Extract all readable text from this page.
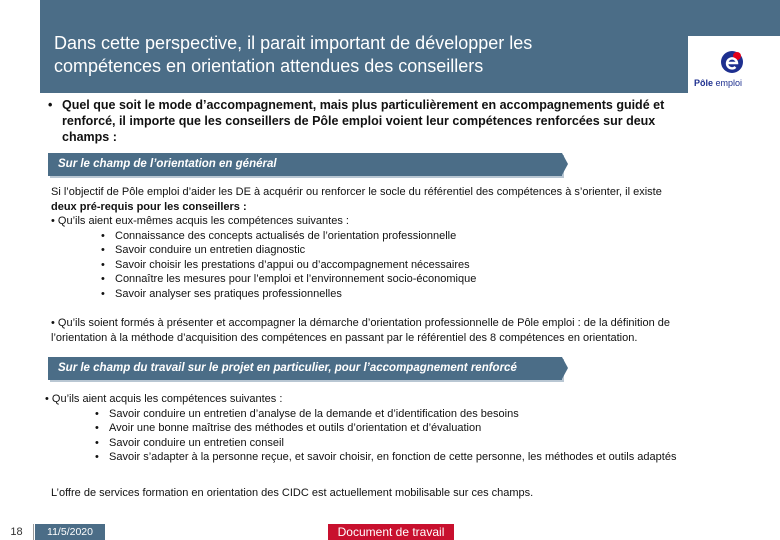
Dans cette perspective, il parait important de développer les
compétences en orientation attendues des conseillers
Pôle emploi
• Quel que soit le mode d’accompagnement, mais plus particulièrement en accompagnements guidé et
renforcé, il importe que les conseillers de Pôle emploi voient leur compétences renforcées sur deux
champs :
Sur le champ de l’orientation en général
Si l’objectif de Pôle emploi d’aider les DE à acquérir ou renforcer le socle du référentiel des compétences à s’orienter, il existe
deux pré-requis pour les conseillers :
• Qu’ils aient eux-mêmes acquis les compétences suivantes :
• Connaissance des concepts actualisés de l’orientation professionnelle
• Savoir conduire un entretien diagnostic
• Savoir choisir les prestations d’appui ou d’accompagnement nécessaires
• Connaître les mesures pour l’emploi et l’environnement socio-économique
• Savoir analyser ses pratiques professionnelles
• Qu’ils soient formés à présenter et accompagner la démarche d’orientation professionnelle de Pôle emploi : de la définition de
l’orientation à la méthode d’acquisition des compétences en passant par le référentiel des 8 compétences en orientation.
Sur le champ du travail sur le projet en particulier, pour l’accompagnement renforcé
• Qu’ils aient acquis les compétences suivantes :
• Savoir conduire un entretien d’analyse de la demande et d’identification des besoins
• Avoir une bonne maîtrise des méthodes et outils d’orientation et d’évaluation
• Savoir conduire un entretien conseil
• Savoir s’adapter à la personne reçue, et savoir choisir, en fonction de cette personne, les méthodes et outils adaptés
L’offre de services formation en orientation des CIDC est actuellement mobilisable sur ces champs.
18	11/5/2020	Document de travail
